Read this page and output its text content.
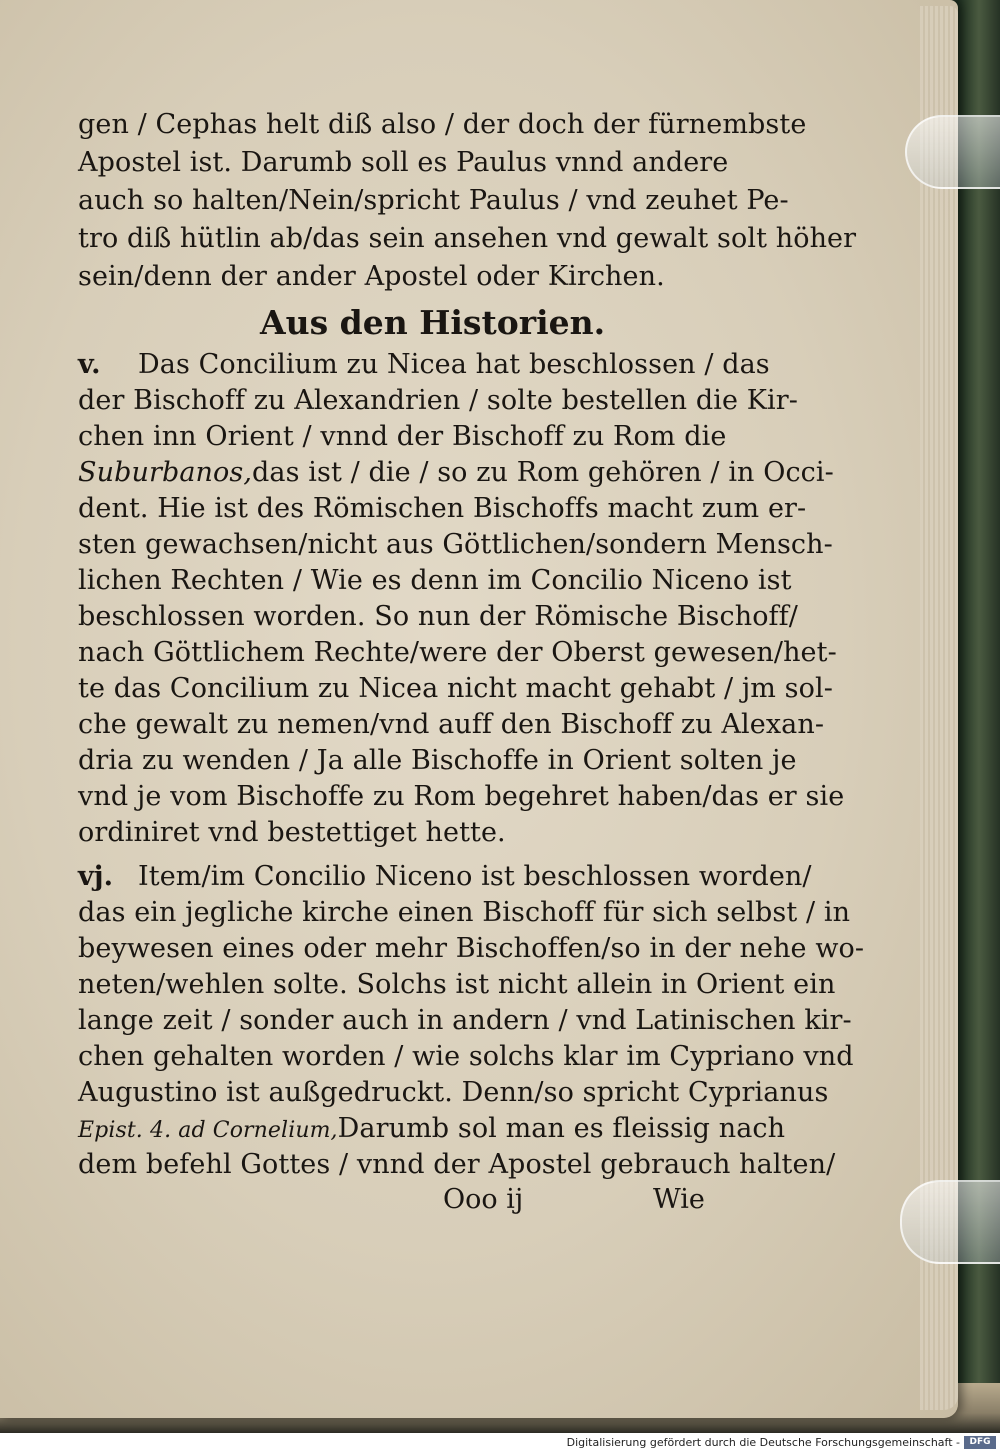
gen / Cephas helt diß also / der doch der fürnembste
Apostel ist. Darumb soll es Paulus vnnd andere
auch so halten/Nein/spricht Paulus / vnd zeuhet Pe-
tro diß hütlin ab/das sein ansehen vnd gewalt solt höher
sein/denn der ander Apostel oder Kirchen.
Aus den Historien.
v. Das Concilium zu Nicea hat beschlossen / das
der Bischoff zu Alexandrien / solte bestellen die Kir-
chen inn Orient / vnnd der Bischoff zu Rom die
Suburbanos,das ist / die / so zu Rom gehören / in Occi-
dent. Hie ist des Römischen Bischoffs macht zum er-
sten gewachsen/nicht aus Göttlichen/sondern Mensch-
lichen Rechten / Wie es denn im Concilio Niceno ist
beschlossen worden. So nun der Römische Bischoff/
nach Göttlichem Rechte/were der Oberst gewesen/het-
te das Concilium zu Nicea nicht macht gehabt / jm sol-
che gewalt zu nemen/vnd auff den Bischoff zu Alexan-
dria zu wenden / Ja alle Bischoffe in Orient solten je
vnd je vom Bischoffe zu Rom begehret haben/das er sie
ordiniret vnd bestettiget hette.
vj. Item/im Concilio Niceno ist beschlossen worden/
das ein jegliche kirche einen Bischoff für sich selbst / in
beywesen eines oder mehr Bischoffen/so in der nehe wo-
neten/wehlen solte. Solchs ist nicht allein in Orient ein
lange zeit / sonder auch in andern / vnd Latinischen kir-
chen gehalten worden / wie solchs klar im Cypriano vnd
Augustino ist außgedruckt. Denn/so spricht Cyprianus
Epist. 4. ad Cornelium,Darumb sol man es fleissig nach
dem befehl Gottes / vnnd der Apostel gebrauch halten/
Ooo ij	Wie
Digitalisierung gefördert durch die Deutsche Forschungsgemeinschaft -	DFG
